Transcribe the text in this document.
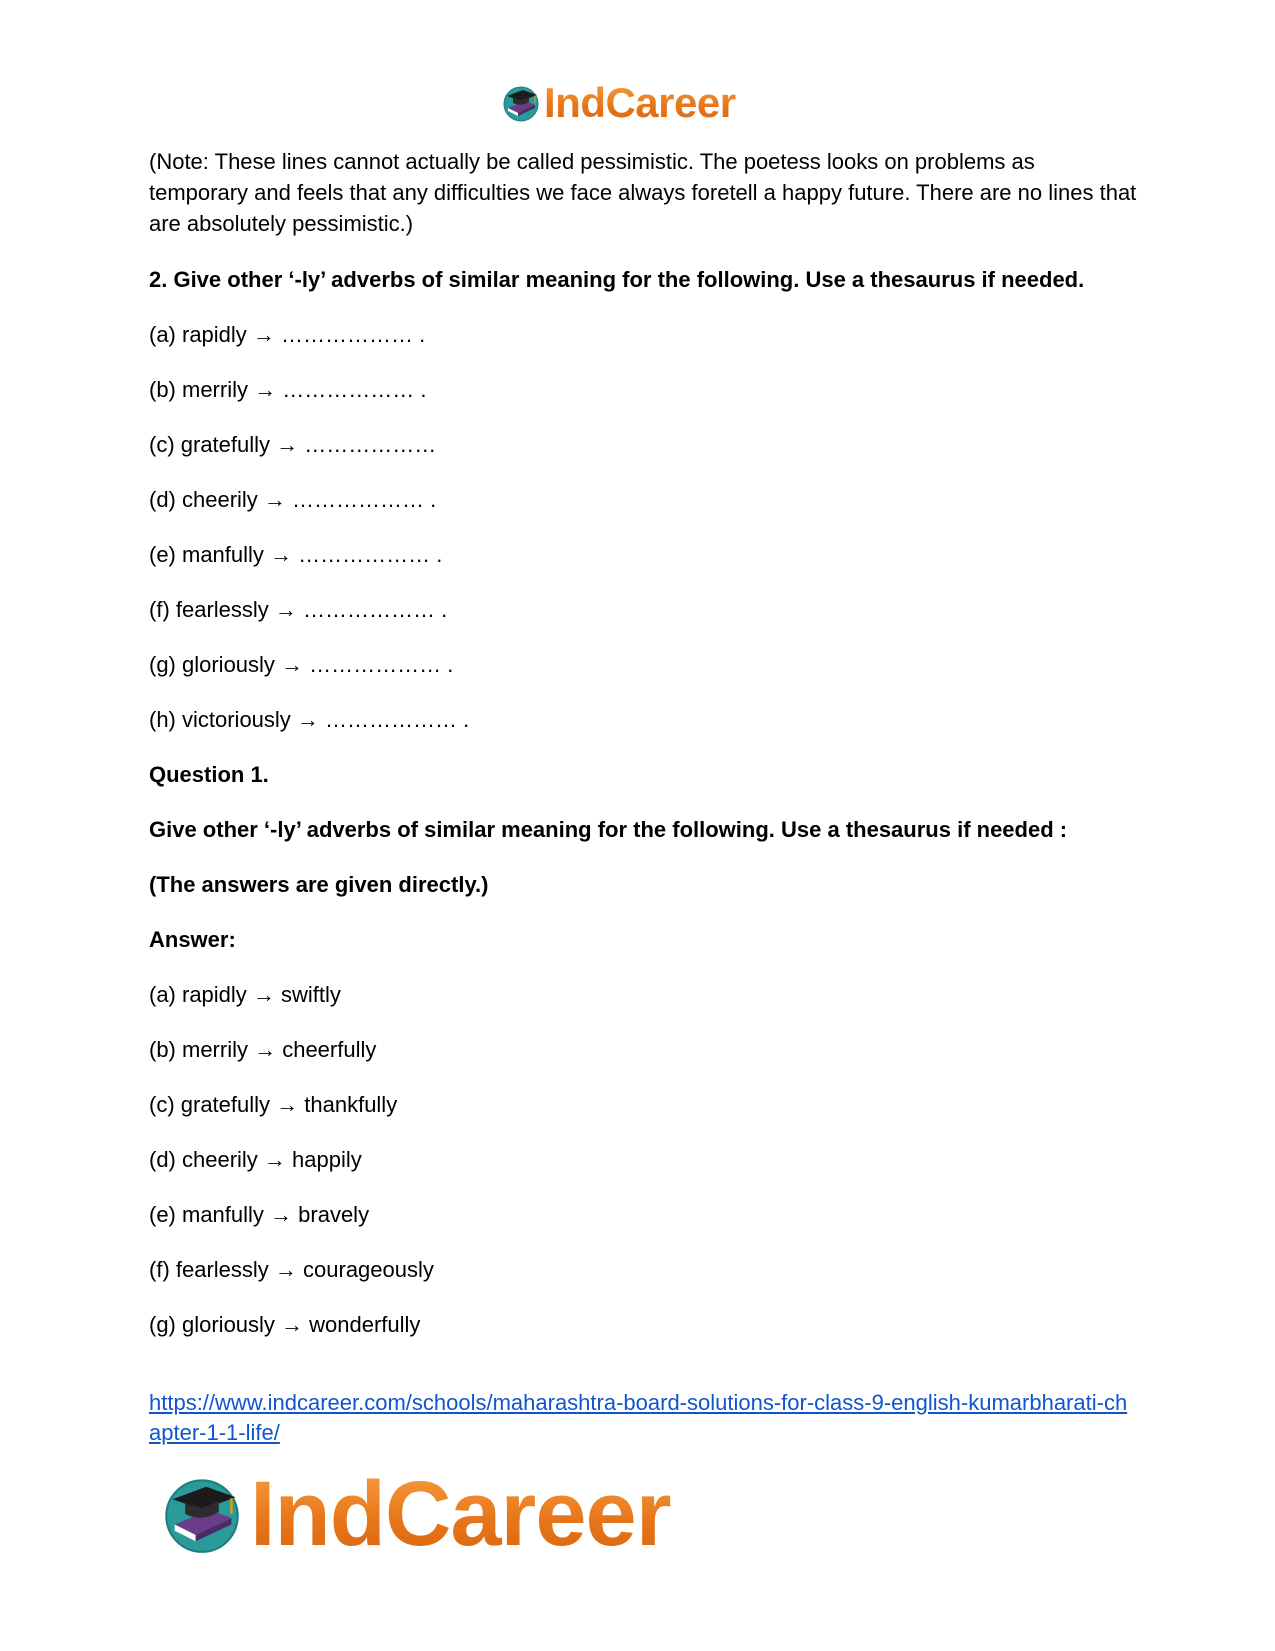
IndCareer

(Note: These lines cannot actually be called pessimistic. The poetess looks on problems as temporary and feels that any difficulties we face always foretell a happy future. There are no lines that are absolutely pessimistic.)

2. Give other ‘-ly’ adverbs of similar meaning for the following. Use a thesaurus if needed.

(a) rapidly → ……………… .

(b) merrily → ……………… .

(c) gratefully → ………………

(d) cheerily → ……………… .

(e) manfully → ……………… .

(f) fearlessly → ……………… .

(g) gloriously → ……………… .

(h) victoriously → ……………… .

Question 1.

Give other ‘-ly’ adverbs of similar meaning for the following. Use a thesaurus if needed :

(The answers are given directly.)

Answer:

(a) rapidly → swiftly

(b) merrily → cheerfully

(c) gratefully → thankfully

(d) cheerily → happily

(e) manfully → bravely

(f) fearlessly → courageously

(g) gloriously → wonderfully

https://www.indcareer.com/schools/maharashtra-board-solutions-for-class-9-english-kumarbharati-chapter-1-1-life/
IndCareer
